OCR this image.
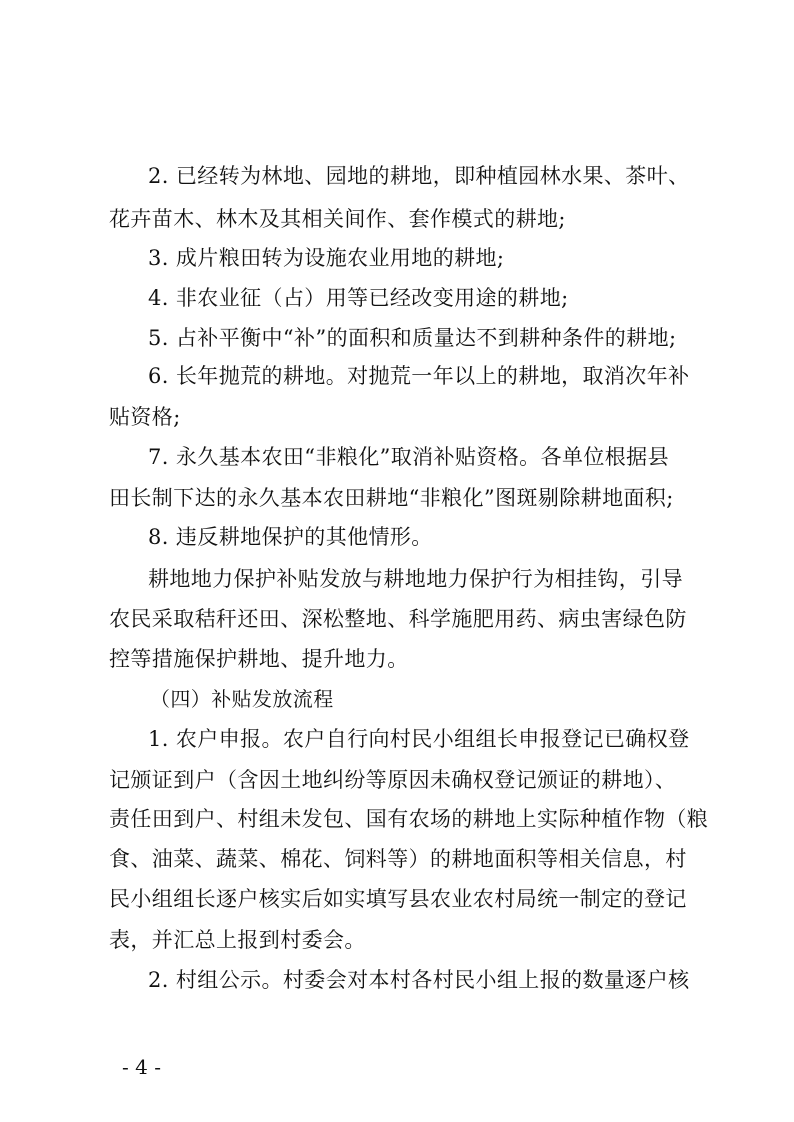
2. 已经转为林地、园地的耕地，即种植园林水果、茶叶、
花卉苗木、林木及其相关间作、套作模式的耕地;
3. 成片粮田转为设施农业用地的耕地;
4. 非农业征（占）用等已经改变用途的耕地;
5. 占补平衡中“补”的面积和质量达不到耕种条件的耕地;
6. 长年抛荒的耕地。对抛荒一年以上的耕地，取消次年补
贴资格;
7. 永久基本农田“非粮化”取消补贴资格。各单位根据县
田长制下达的永久基本农田耕地“非粮化”图斑剔除耕地面积;
8. 违反耕地保护的其他情形。
耕地地力保护补贴发放与耕地地力保护行为相挂钩，引导
农民采取秸秆还田、深松整地、科学施肥用药、病虫害绿色防
控等措施保护耕地、提升地力。
（四）补贴发放流程
1. 农户申报。农户自行向村民小组组长申报登记已确权登
记颁证到户（含因土地纠纷等原因未确权登记颁证的耕地）、
责任田到户、村组未发包、国有农场的耕地上实际种植作物（粮
食、油菜、蔬菜、棉花、饲料等）的耕地面积等相关信息，村
民小组组长逐户核实后如实填写县农业农村局统一制定的登记
表，并汇总上报到村委会。
2. 村组公示。村委会对本村各村民小组上报的数量逐户核
- 4 -
